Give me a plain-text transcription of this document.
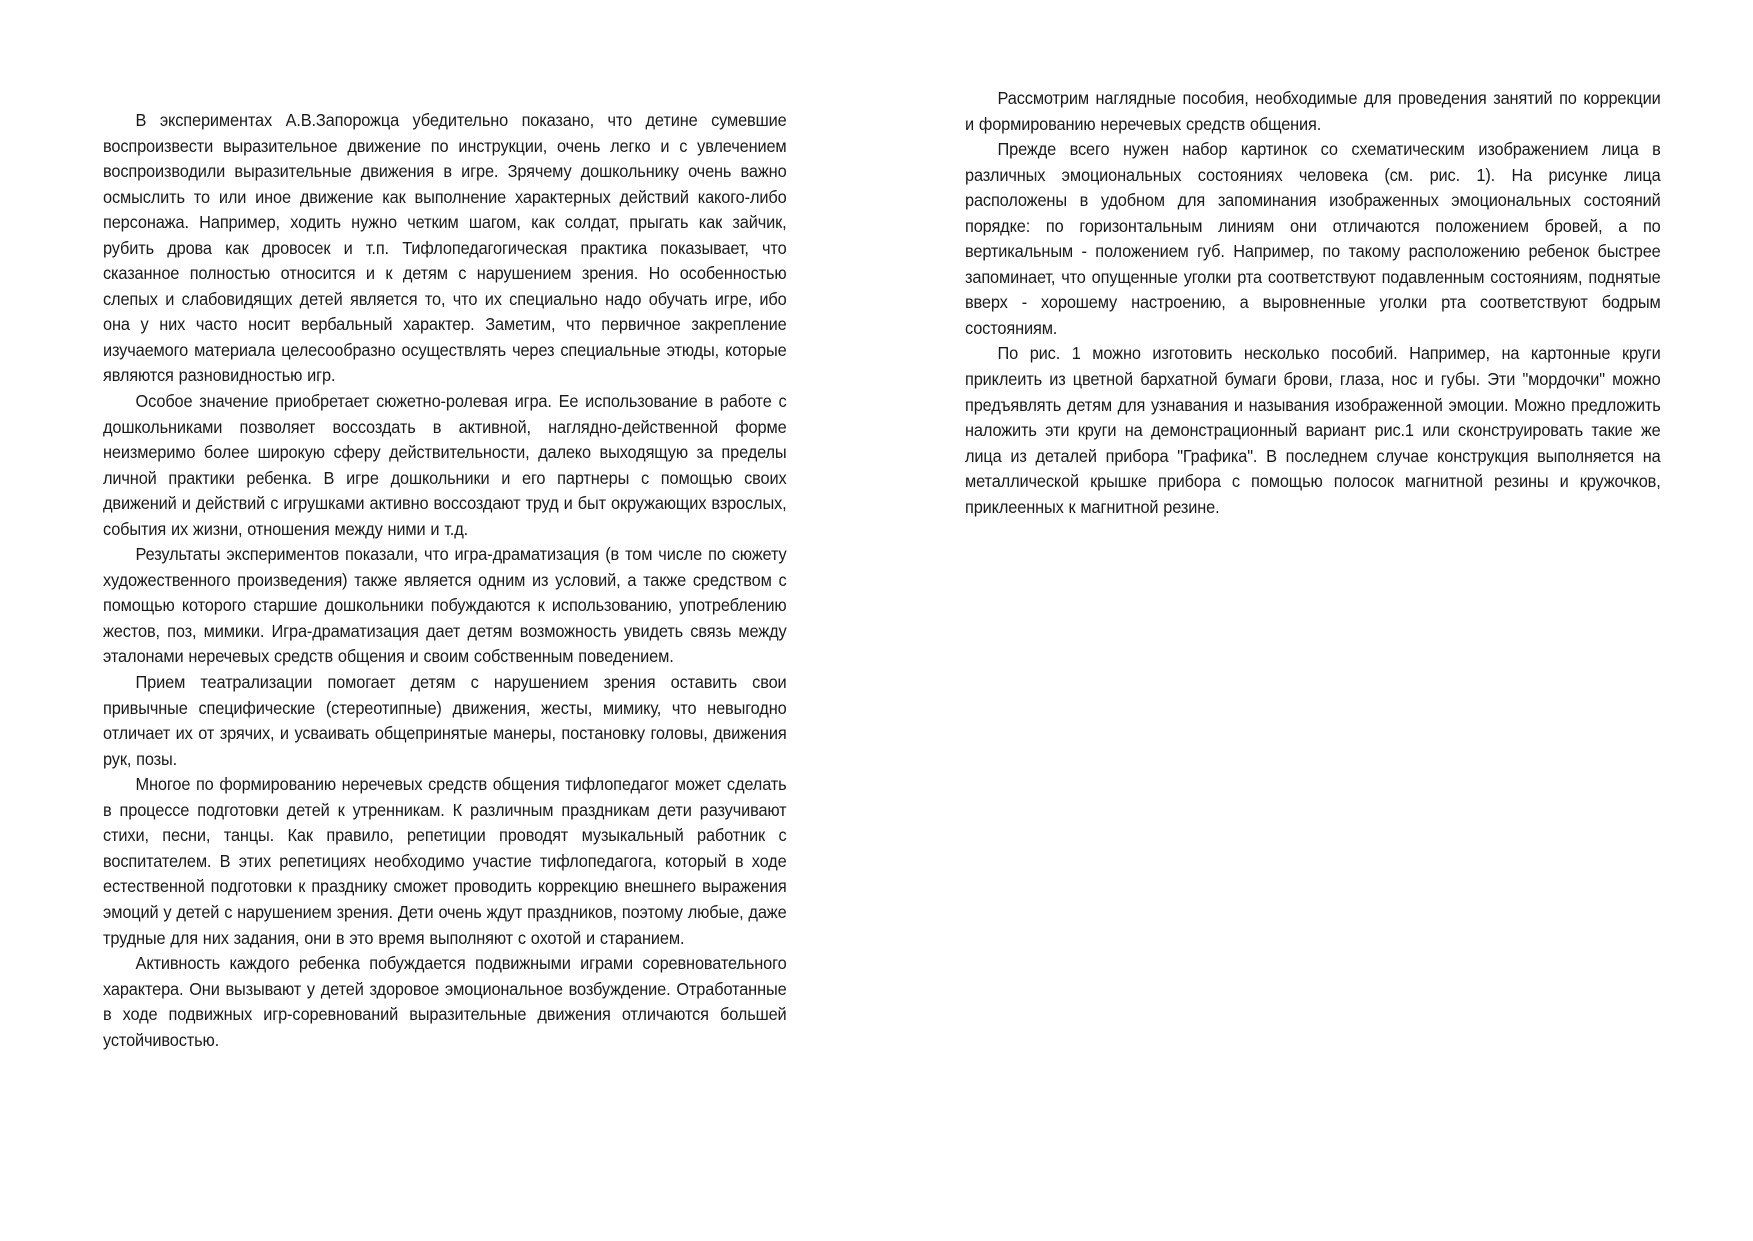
В экспериментах А.В.Запорожца убедительно показано, что детине сумевшие воспроизвести выразительное движение по инструкции, очень легко и с увлечением воспроизводили выразительные движения в игре. Зрячему дошкольнику очень важно осмыслить то или иное движение как выполнение характерных действий какого-либо персонажа. Например, ходить нужно четким шагом, как солдат, прыгать как зайчик, рубить дрова как дровосек и т.п. Тифлопедагогическая практика показывает, что сказанное полностью относится и к детям с нарушением зрения. Но особенностью слепых и слабовидящих детей является то, что их специально надо обучать игре, ибо она у них часто носит вербальный характер. Заметим, что первичное закрепление изучаемого материала целесообразно осуществлять через специальные этюды, которые являются разновидностью игр.

Особое значение приобретает сюжетно-ролевая игра. Ее использование в работе с дошкольниками позволяет воссоздать в активной, наглядно-действенной форме неизмеримо более широкую сферу действительности, далеко выходящую за пределы личной практики ребенка. В игре дошкольники и его партнеры с помощью своих движений и действий с игрушками активно воссоздают труд и быт окружающих взрослых, события их жизни, отношения между ними и т.д.

Результаты экспериментов показали, что игра-драматизация (в том числе по сюжету художественного произведения) также является одним из условий, а также средством с помощью которого старшие дошкольники побуждаются к использованию, употреблению жестов, поз, мимики. Игра-драматизация дает детям возможность увидеть связь между эталонами неречевых средств общения и своим собственным поведением.

Прием театрализации помогает детям с нарушением зрения оставить свои привычные специфические (стереотипные) движения, жесты, мимику, что невыгодно отличает их от зрячих, и усваивать общепринятые манеры, постановку головы, движения рук, позы.

Многое по формированию неречевых средств общения тифлопедагог может сделать в процессе подготовки детей к утренникам. К различным праздникам дети разучивают стихи, песни, танцы. Как правило, репетиции проводят музыкальный работник с воспитателем. В этих репетициях необходимо участие тифлопедагога, который в ходе естественной подготовки к празднику сможет проводить коррекцию внешнего выражения эмоций у детей с нарушением зрения. Дети очень ждут праздников, поэтому любые, даже трудные для них задания, они в это время выполняют с охотой и старанием.

Активность каждого ребенка побуждается подвижными играми соревновательного характера. Они вызывают у детей здоровое эмоциональное возбуждение. Отработанные в ходе подвижных игр-соревнований выразительные движения отличаются большей устойчивостью.

Рассмотрим наглядные пособия, необходимые для проведения занятий по коррекции и формированию неречевых средств общения.

Прежде всего нужен набор картинок со схематическим изображением лица в различных эмоциональных состояниях человека (см. рис. 1). На рисунке лица расположены в удобном для запоминания изображенных эмоциональных состояний порядке: по горизонтальным линиям они отличаются положением бровей, а по вертикальным - положением губ. Например, по такому расположению ребенок быстрее запоминает, что опущенные уголки рта соответствуют подавленным состояниям, поднятые вверх - хорошему настроению, а выровненные уголки рта соответствуют бодрым состояниям.

По рис. 1 можно изготовить несколько пособий. Например, на картонные круги приклеить из цветной бархатной бумаги брови, глаза, нос и губы. Эти "мордочки" можно предъявлять детям для узнавания и называния изображенной эмоции. Можно предложить наложить эти круги на демонстрационный вариант рис.1 или сконструировать такие же лица из деталей прибора "Графика". В последнем случае конструкция выполняется на металлической крышке прибора с помощью полосок магнитной резины и кружочков, приклеенных к магнитной резине.
